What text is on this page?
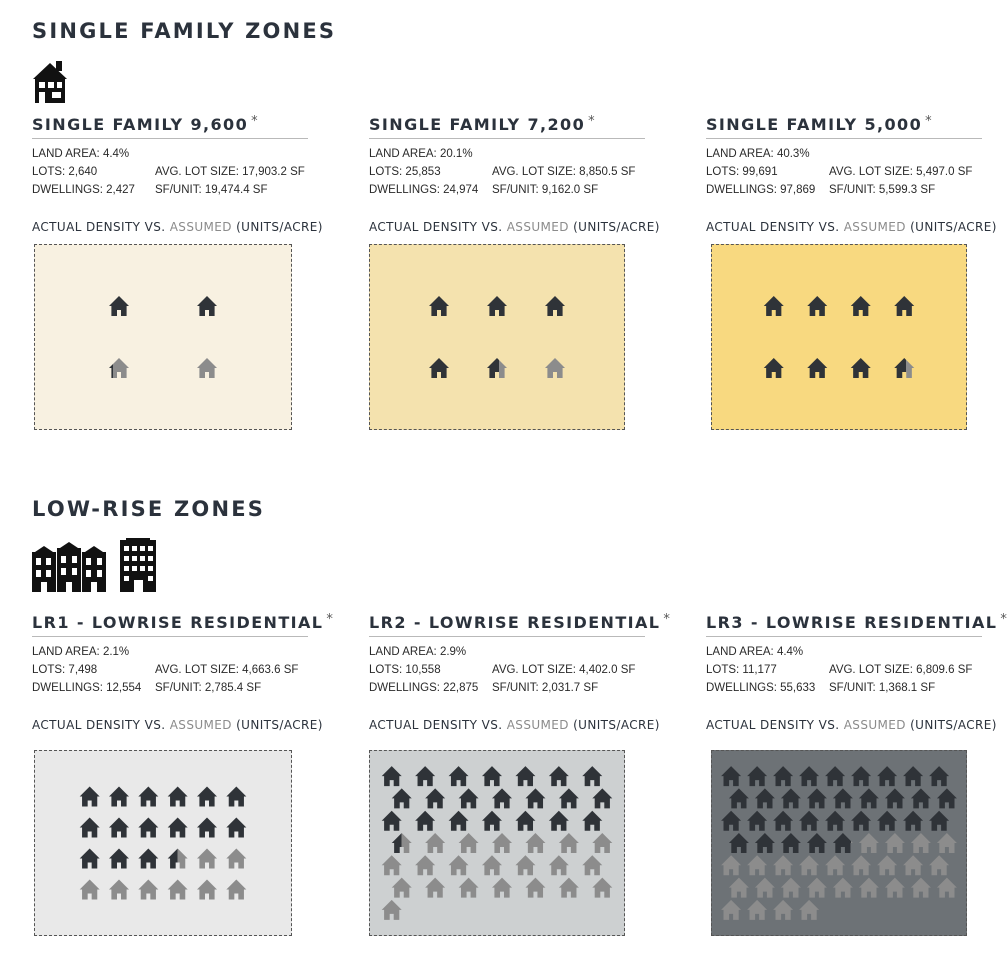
SINGLE FAMILY ZONES
LOW-RISE ZONES
SINGLE FAMILY 9,600 *
LAND AREA: 4.4%
LOTS: 2,640	AVG. LOT SIZE: 17,903.2 SF
DWELLINGS: 2,427 SF/UNIT: 19,474.4 SF
ACTUAL DENSITY VS. ASSUMED (UNITS/ACRE)
SINGLE FAMILY 7,200 *
LAND AREA: 20.1%
LOTS: 25,853	AVG. LOT SIZE: 8,850.5 SF
DWELLINGS: 24,974 SF/UNIT: 9,162.0 SF
ACTUAL DENSITY VS. ASSUMED (UNITS/ACRE)
SINGLE FAMILY 5,000 *
LAND AREA: 40.3%
LOTS: 99,691	AVG. LOT SIZE: 5,497.0 SF
DWELLINGS: 97,869 SF/UNIT: 5,599.3 SF
ACTUAL DENSITY VS. ASSUMED (UNITS/ACRE)
LR1 - LOWRISE RESIDENTIAL *
LAND AREA: 2.1%
LOTS: 7,498	AVG. LOT SIZE: 4,663.6 SF
DWELLINGS: 12,554 SF/UNIT: 2,785.4 SF
ACTUAL DENSITY VS. ASSUMED (UNITS/ACRE)
LR2 - LOWRISE RESIDENTIAL *
LAND AREA: 2.9%
LOTS: 10,558	AVG. LOT SIZE: 4,402.0 SF
DWELLINGS: 22,875 SF/UNIT: 2,031.7 SF
ACTUAL DENSITY VS. ASSUMED (UNITS/ACRE)
LR3 - LOWRISE RESIDENTIAL *
LAND AREA: 4.4%
LOTS: 11,177	AVG. LOT SIZE: 6,809.6 SF
DWELLINGS: 55,633 SF/UNIT: 1,368.1 SF
ACTUAL DENSITY VS. ASSUMED (UNITS/ACRE)
